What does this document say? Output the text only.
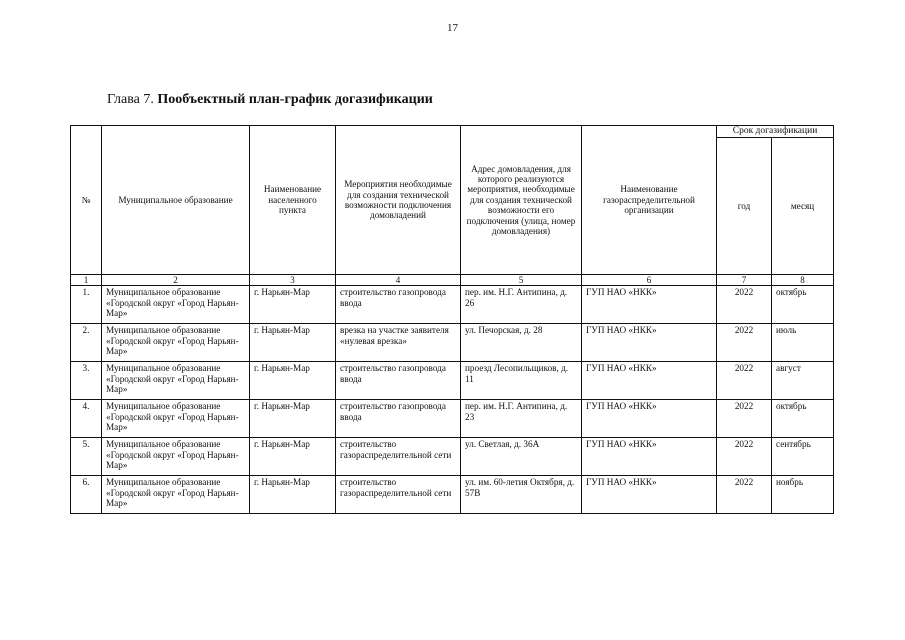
17
Глава 7. Пообъектный план-график догазификации
№	Муниципальное образование	Наименование населенного пункта	Мероприятия необходимые для создания технической возможности подключения домовладений	Адрес домовладения, для которого реализуются мероприятия, необходимые для создания технической возможности его подключения (улица, номер домовладения)	Наименование газораспределительной организации	Срок догазификации	
						год	месяц
1	2	3	4	5	6	7	8
1.	Муниципальное образование «Городской округ «Город Нарьян-Мар»	г. Нарьян-Мар	строительство газопровода ввода	пер. им. Н.Г. Антипина, д. 26	ГУП НАО «НКК»	2022	октябрь
2.	Муниципальное образование «Городской округ «Город Нарьян-Мар»	г. Нарьян-Мар	врезка на участке заявителя «нулевая врезка»	ул. Печорская, д. 28	ГУП НАО «НКК»	2022	июль
3.	Муниципальное образование «Городской округ «Город Нарьян-Мар»	г. Нарьян-Мар	строительство газопровода ввода	проезд Лесопильщиков, д. 11	ГУП НАО «НКК»	2022	август
4.	Муниципальное образование «Городской округ «Город Нарьян-Мар»	г. Нарьян-Мар	строительство газопровода ввода	пер. им. Н.Г. Антипина, д. 23	ГУП НАО «НКК»	2022	октябрь
5.	Муниципальное образование «Городской округ «Город Нарьян-Мар»	г. Нарьян-Мар	строительство газораспределительной сети	ул. Светлая, д. 36А	ГУП НАО «НКК»	2022	сентябрь
6.	Муниципальное образование «Городской округ «Город Нарьян-Мар»	г. Нарьян-Мар	строительство газораспределительной сети	ул. им. 60-летия Октября, д. 57В	ГУП НАО «НКК»	2022	ноябрь
